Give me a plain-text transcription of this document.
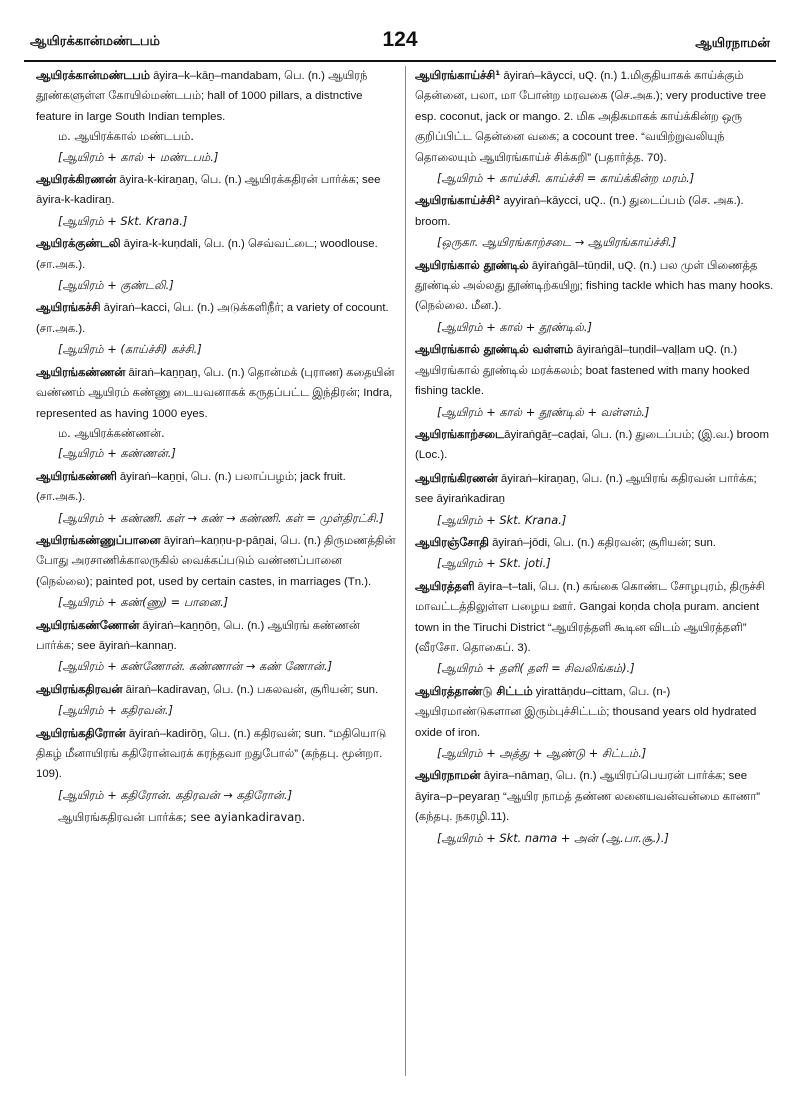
ஆயிரக்கான்மண்டபம்	124	ஆயிரநாமன்

ஆயிரக்கான்மண்டபம் āyira–k–kāṉ–mandabam, பெ. (n.) ஆயிரந் தூண்களுள்ள கோயில்மண்டபம்; hall of 1000 pillars, a distnctive feature in large South Indian temples.

ம. ஆயிரக்கால் மண்டபம்.

[ஆயிரம் + கால் + மண்டபம்.]

ஆயிரக்கிரணன் āyira-k-kiraṉaṉ, பெ. (n.) ஆயிரக்கதிரன் பார்க்க; see āyira-k-kadiraṉ.

[ஆயிரம் + Skt. Krana.]

ஆயிரக்குண்டலி āyira-k-kuṇdali, பெ. (n.) செவ்வட்டை; woodlouse. (சா.அக.).

[ஆயிரம் + குண்டலி.]

ஆயிரங்கச்சி āyiraṅ–kacci, பெ. (n.) அடுக்களிநீர்; a variety of cocount. (சா.அக.).

[ஆயிரம் + (காய்ச்சி) கச்சி.]

ஆயிரங்கண்ணன் āiraṅ–kaṉṉaṉ, பெ. (n.) தொன்மக் (புராண) கதையின் வண்ணம் ஆயிரம் கண்ணு டையவனாகக் கருதப்பட்ட இந்திரன்; Indra, represented as having 1000 eyes.

ம. ஆயிரக்கண்ணன்.

[ஆயிரம் + கண்ணன்.]

ஆயிரங்கண்ணி āyiraṅ–kaṉṉi, பெ. (n.) பலாப்பழம்; jack fruit. (சா.அக.).

[ஆயிரம் + கண்ணி. கள் → கண் → கண்ணி. கள் = முள்திரட்சி.]

ஆயிரங்கண்ணுப்பானை āyiraṅ–kaṇṇu-p-pāṉai, பெ. (n.) திருமணத்தின் போது அரசாணிக்காலருகில் வைக்கப்படும் வண்ணப்பானை (நெல்லை); painted pot, used by certain castes, in marriages (Tn.).

[ஆயிரம் + கண்(ணு) = பானை.]

ஆயிரங்கண்ணோன் āyiraṅ–kaṉṉōṉ, பெ. (n.) ஆயிரங் கண்ணன் பார்க்க; see āyiraṅ–kannaṉ.

[ஆயிரம் + கண்ணோன். கண்ணான் → கண் ணோன்.]

ஆயிரங்கதிரவன் āiraṅ–kadiravaṉ, பெ. (n.) பகலவன், சூரியன்; sun.

[ஆயிரம் + கதிரவன்.]

ஆயிரங்கதிரோன் āyiraṅ–kadirōṉ, பெ. (n.) கதிரவன்; sun. “மதியொடு திகழ் மீனாயிரங் கதிரோன்வரக் கரந்தவா றதுபோல்” (கந்தபு. மூன்றா. 109).

[ஆயிரம் + கதிரோன். கதிரவன் → கதிரோன்.]

ஆயிரங்கதிரவன் பார்க்க; see ayiankadiravaṉ.

ஆயிரங்காய்ச்சி¹ āyiraṅ–kāycci, uQ. (n.) 1.மிகுதியாகக் காய்க்கும் தென்னை, பலா, மா போன்ற மரவகை (செ.அக.); very productive tree esp. coconut, jack or mango. 2. மிக அதிகமாகக் காய்க்கின்ற ஒரு குறிப்பிட்ட தென்னை வகை; a cocount tree. “வயிற்றுவலியுந் தொலையும் ஆயிரங்காய்ச் சிக்கறி” (பதார்த்த. 70).

[ஆயிரம் + காய்ச்சி. காய்ச்சி = காய்க்கின்ற மரம்.]

ஆயிரங்காய்ச்சி² ayyiraṅ–kāycci, uQ.. (n.) துடைப்பம் (செ. அக.). broom.

[ஒருகா. ஆயிரங்காற்சடை → ஆயிரங்காய்ச்சி.]

ஆயிரங்கால் தூண்டில் āyiraṅgāl–tūṇdil, uQ. (n.) பல முள் பிணைத்த தூண்டில் அல்லது தூண்டிற்கயிறு; fishing tackle which has many hooks. (நெல்லை. மீன.).

[ஆயிரம் + கால் + தூண்டில்.]

ஆயிரங்கால் தூண்டில் வள்ளம் āyiraṅgāl–tuṇdil–vaḷḷam uQ. (n.) ஆயிரங்கால் தூண்டில் மரக்கலம்; boat fastened with many hooked fishing tackle.

[ஆயிரம் + கால் + தூண்டில் + வள்ளம்.]

ஆயிரங்காற்சடைāyiraṅgāṟ–caḍai, பெ. (n.) துடைப்பம்; (இ.வ.) broom (Loc.).

ஆயிரங்கிரணன் āyiraṅ–kiraṉaṉ, பெ. (n.) ஆயிரங் கதிரவன் பார்க்க; see āyiraṅkadiraṉ

[ஆயிரம் + Skt. Krana.]

ஆயிரஞ்சோதி āyiraṅ–jōdi, பெ. (n.) கதிரவன்; சூரியன்; sun.

[ஆயிரம் + Skt. joti.]

ஆயிரத்தளி āyira–t–tali, பெ. (n.) கங்கை கொண்ட சோழபுரம், திருச்சி மாவட்டத்திலுள்ள பழைய ஊர். Gangai koṇda choḷa puram. ancient town in the Tiruchi District “ஆயிரத்தளி கூடின விடம் ஆயிரத்தளி” (வீரசோ. தொகைப். 3).

[ஆயிரம் + தளி( தளி = சிவலிங்கம்).]

ஆயிரத்தாண்டு சிட்டம் yirattāṇdu–cittam, பெ. (n-) ஆயிரமாண்டுகளான இரும்புச்சிட்டம்; thousand years old hydrated oxide of iron.

[ஆயிரம் + அத்து + ஆண்டு + சிட்டம்.]

ஆயிரநாமன் āyira–nāmaṉ, பெ. (n.) ஆயிரப்பெயரன் பார்க்க; see āyira–p–peyaraṉ “ஆயிர நாமத் தண்ண லனையவன்வன்மை காணா” (கந்தபு. நகரழி.11).

[ஆயிரம் + Skt. nama + அன் (ஆ.பா.சூ.).]
